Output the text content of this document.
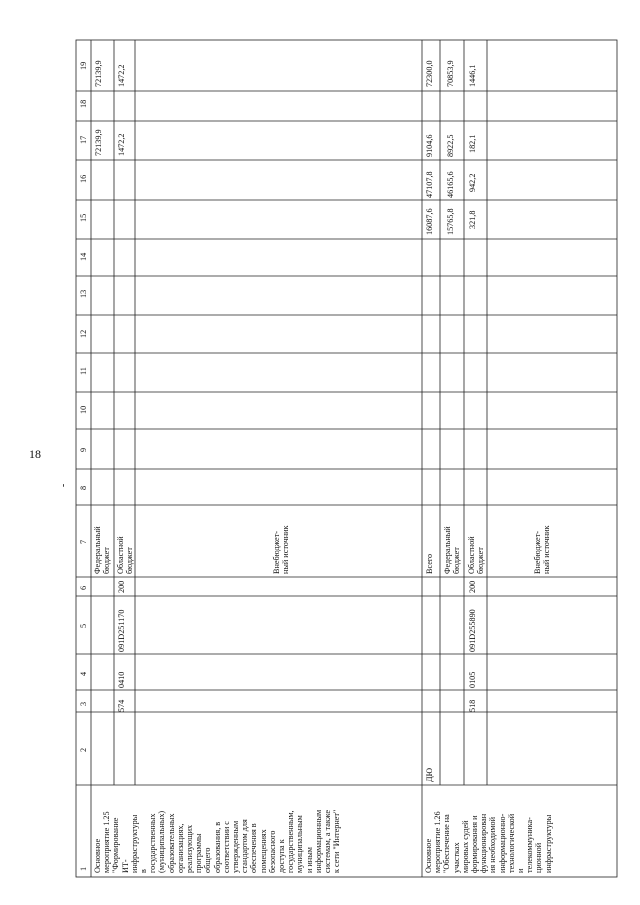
18
-
1
2
3
4
5
6
7
8
9
10
11
12
13
14
15
16
17
18
19
Основное
мероприятие 1.25
"Формирование
ИТ-
инфраструктуры
в
государственных
(муниципальных)
образовательных
организациях,
реализующих
программы
общего
образования, в
соответствии с
утвержденным
стандартом для
обеспечения в
помещениях
безопасного
доступа к
государственным,
муниципальным
и иным
информационным
системам, а также
к сети "Интернет"
Федеральный
бюджет
72139,9
72139,9
574
0410
091D251170
200
Областной
бюджет
1472,2
1472,2
Внебюджет-
ный источник
Основное
мероприятие 1.26
"Обеспечение на
участках
мировых судей
формирования и
функционирован
ия необходимой
информационно-
технологической
и
телекоммуника-
ционной
инфраструктуры
ДЮ
Всего
16087,6
47107,8
9104,6
72300,0
Федеральный
бюджет
15765,8
46165,6
8922,5
70853,9
518
0105
091D255890
200
Областной
бюджет
321,8
942,2
182,1
1446,1
Внебюджет-
ный источник
